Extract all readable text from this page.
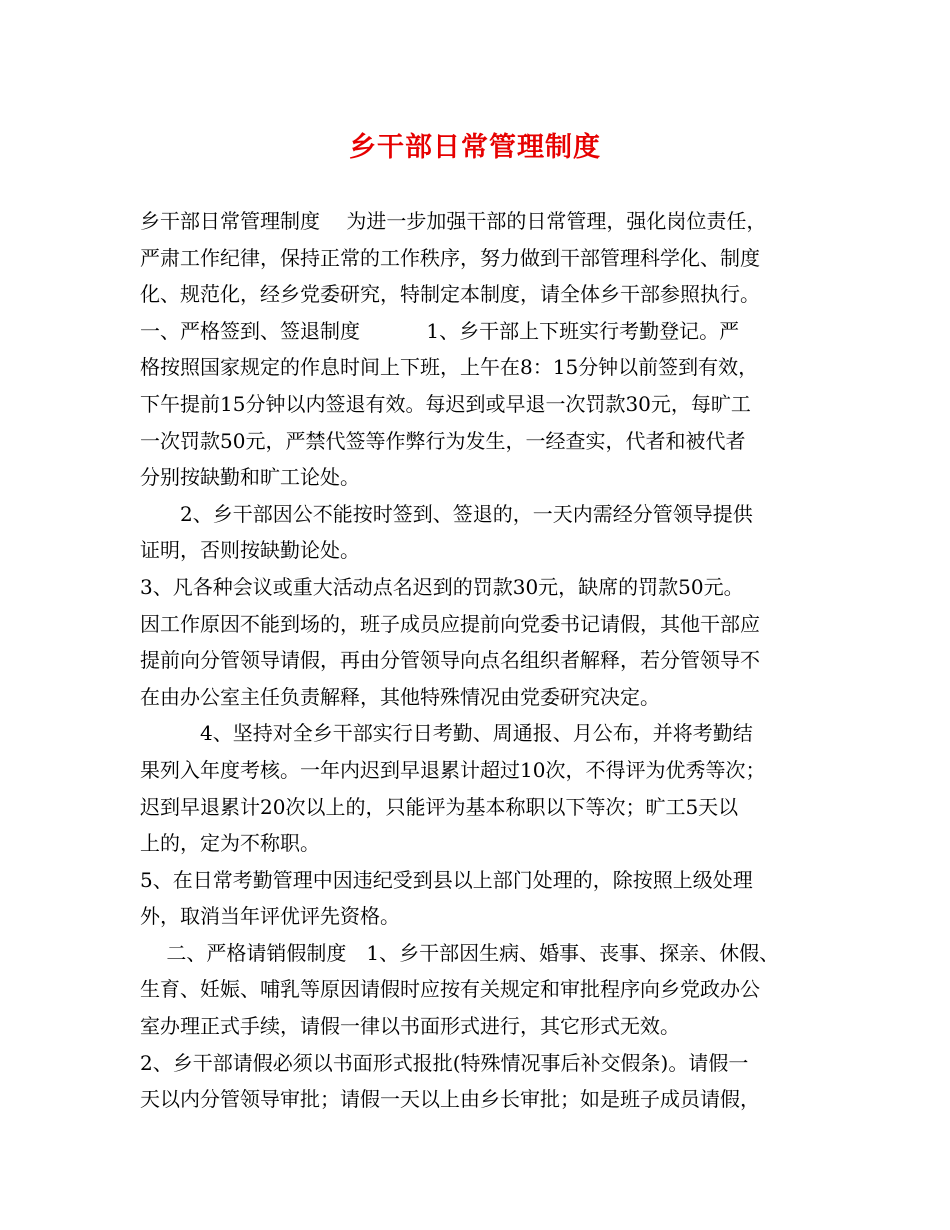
乡干部日常管理制度
乡干部日常管理制度　 为进一步加强干部的日常管理，强化岗位责任，
严肃工作纪律，保持正常的工作秩序，努力做到干部管理科学化、制度
化、规范化，经乡党委研究，特制定本制度，请全体乡干部参照执行。
一、严格签到、签退制度　　　 1、乡干部上下班实行考勤登记。严
格按照国家规定的作息时间上下班，上午在8：15分钟以前签到有效，
下午提前15分钟以内签退有效。每迟到或早退一次罚款30元，每旷工
一次罚款50元，严禁代签等作弊行为发生，一经查实，代者和被代者
分别按缺勤和旷工论处。
　　2、乡干部因公不能按时签到、签退的，一天内需经分管领导提供
证明，否则按缺勤论处。
3、凡各种会议或重大活动点名迟到的罚款30元，缺席的罚款50元。
因工作原因不能到场的，班子成员应提前向党委书记请假，其他干部应
提前向分管领导请假，再由分管领导向点名组织者解释，若分管领导不
在由办公室主任负责解释，其他特殊情况由党委研究决定。
　　　4、坚持对全乡干部实行日考勤、周通报、月公布，并将考勤结
果列入年度考核。一年内迟到早退累计超过10次，不得评为优秀等次；
迟到早退累计20次以上的，只能评为基本称职以下等次；旷工5天以
上的，定为不称职。
5、在日常考勤管理中因违纪受到县以上部门处理的，除按照上级处理
外，取消当年评优评先资格。
　 二、严格请销假制度　1、乡干部因生病、婚事、丧事、探亲、休假、
生育、妊娠、哺乳等原因请假时应按有关规定和审批程序向乡党政办公
室办理正式手续，请假一律以书面形式进行，其它形式无效。
2、乡干部请假必须以书面形式报批(特殊情况事后补交假条)。请假一
天以内分管领导审批；请假一天以上由乡长审批；如是班子成员请假，
